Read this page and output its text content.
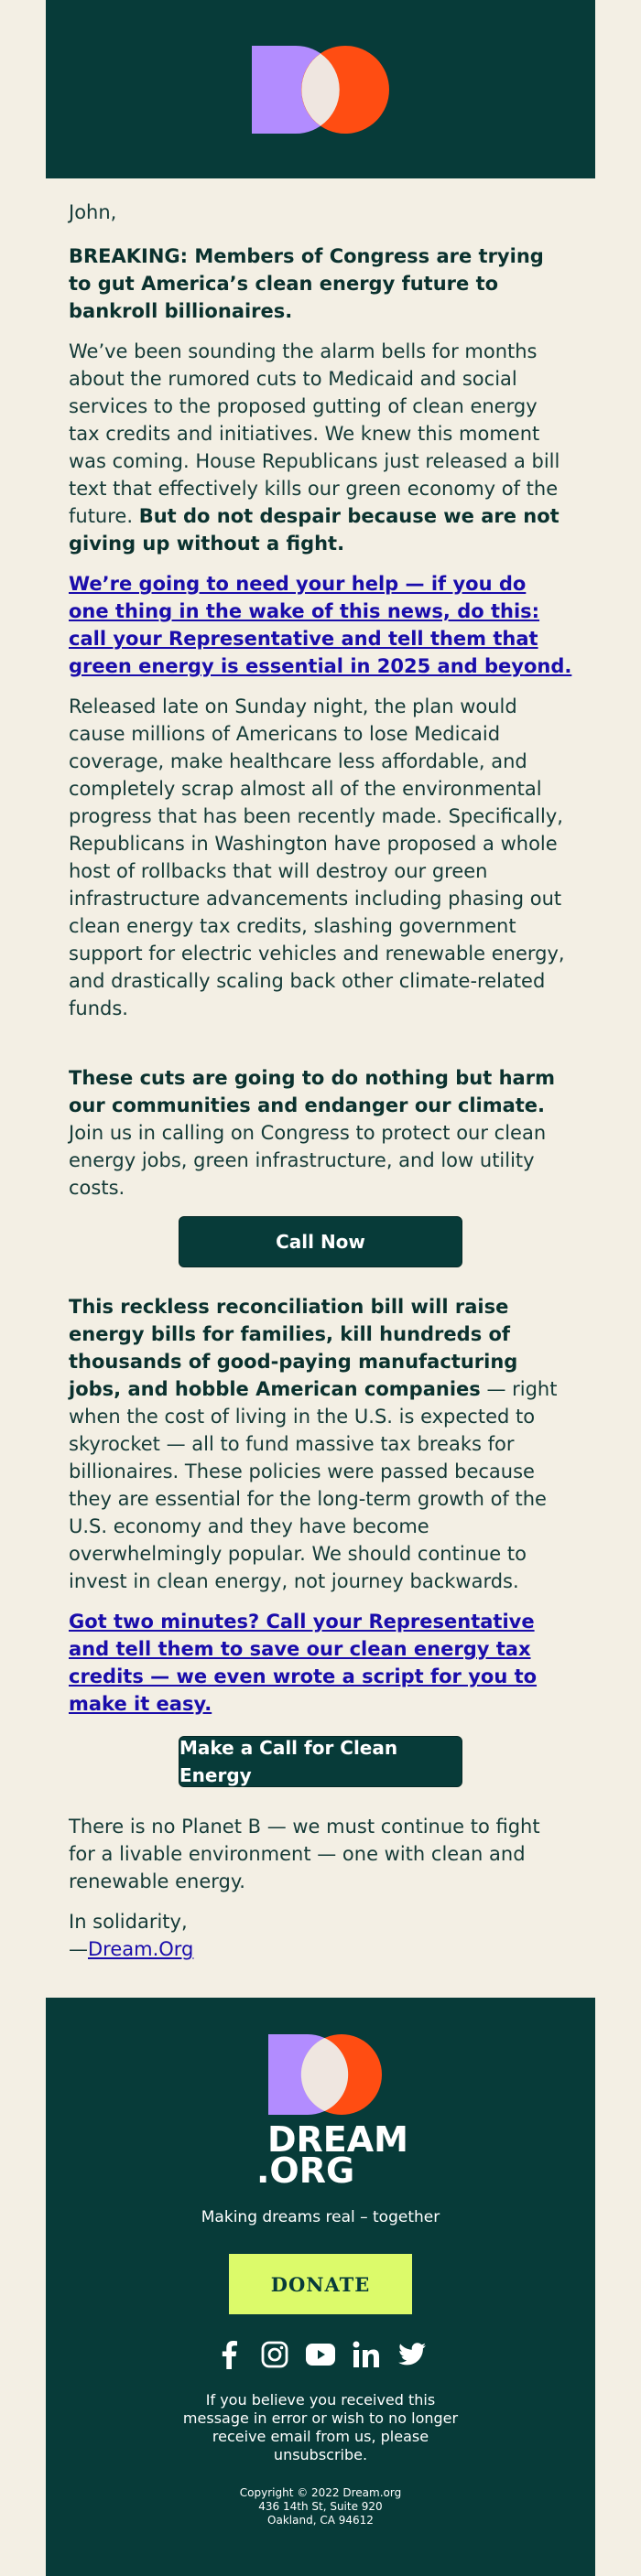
John,

BREAKING: Members of Congress are trying to gut America’s clean energy future to bankroll billionaires.

We’ve been sounding the alarm bells for months about the rumored cuts to Medicaid and social services to the proposed gutting of clean energy tax credits and initiatives. We knew this moment was coming. House Republicans just released a bill text that effectively kills our green economy of the future. But do not despair because we are not giving up without a fight.

We’re going to need your help — if you do one thing in the wake of this news, do this: call your Representative and tell them that green energy is essential in 2025 and beyond.

Released late on Sunday night, the plan would cause millions of Americans to lose Medicaid coverage, make healthcare less affordable, and completely scrap almost all of the environmental progress that has been recently made. Specifically, Republicans in Washington have proposed a whole host of rollbacks that will destroy our green infrastructure advancements including phasing out clean energy tax credits, slashing government support for electric vehicles and renewable energy, and drastically scaling back other climate-related funds.

These cuts are going to do nothing but harm our communities and endanger our climate. Join us in calling on Congress to protect our clean energy jobs, green infrastructure, and low utility costs.

Call Now

This reckless reconciliation bill will raise energy bills for families, kill hundreds of thousands of good-paying manufacturing jobs, and hobble American companies — right when the cost of living in the U.S. is expected to skyrocket — all to fund massive tax breaks for billionaires. These policies were passed because they are essential for the long-term growth of the U.S. economy and they have become overwhelmingly popular. We should continue to invest in clean energy, not journey backwards.

Got two minutes? Call your Representative and tell them to save our clean energy tax credits — we even wrote a script for you to make it easy.

Make a Call for Clean Energy

There is no Planet B — we must continue to fight for a livable environment — one with clean and renewable energy.

In solidarity,
—Dream.Org

DREAM
.ORG
Making dreams real – together
DONATE
If you believe you received this message in error or wish to no longer receive email from us, please unsubscribe.
Copyright © 2022 Dream.org
436 14th St, Suite 920
Oakland, CA 94612
